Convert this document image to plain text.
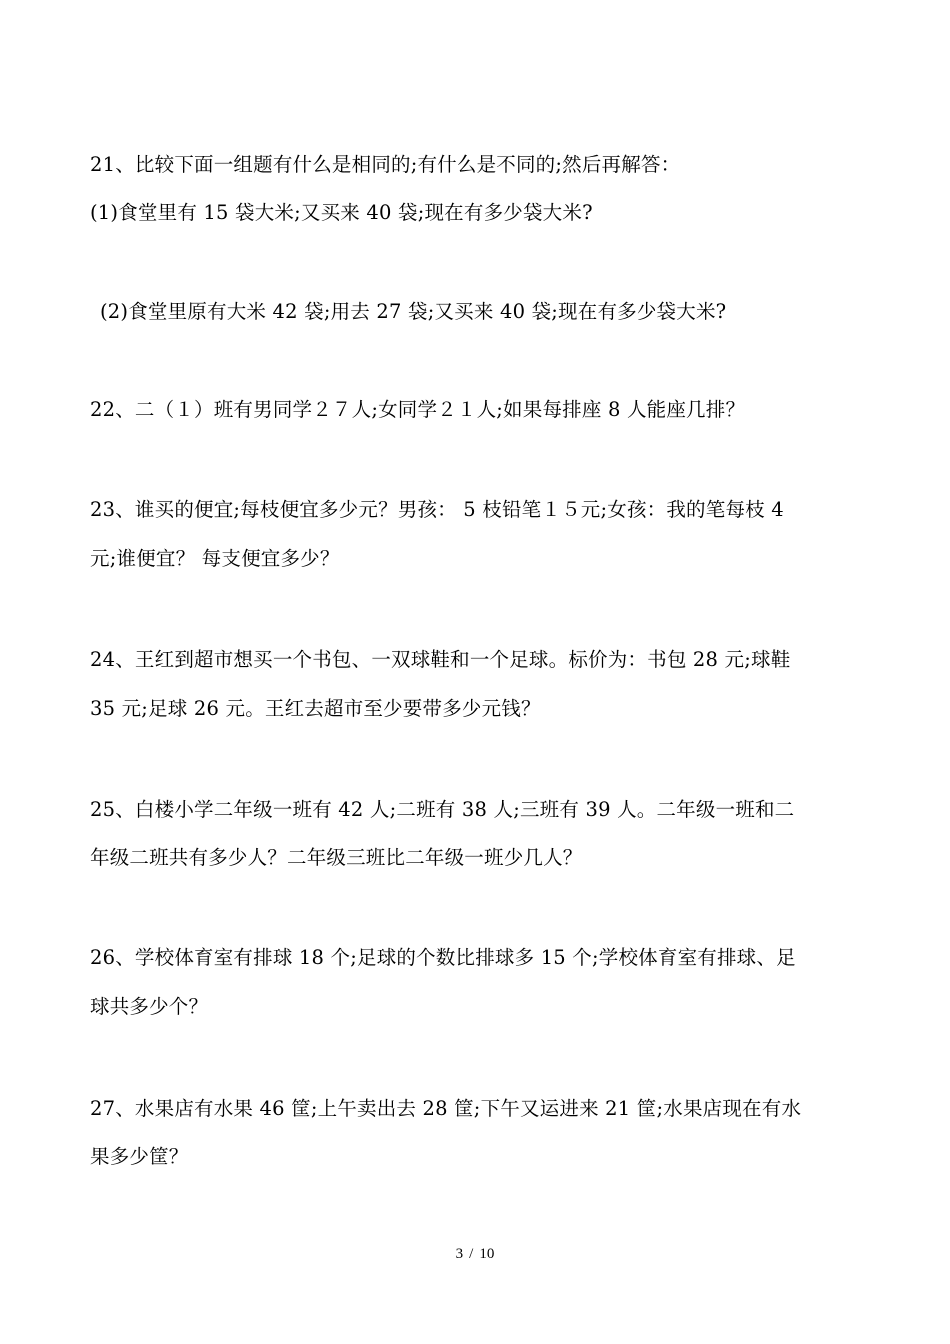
21、比较下面一组题有什么是相同的;有什么是不同的;然后再解答：
(1)食堂里有 15 袋大米;又买来 40 袋;现在有多少袋大米?
(2)食堂里原有大米 42 袋;用去 27 袋;又买来 40 袋;现在有多少袋大米?
22、二（１）班有男同学２７人;女同学２１人;如果每排座 8 人能座几排？
23、谁买的便宜;每枝便宜多少元？男孩： 5 枝铅笔１５元;女孩：我的笔每枝 4
元;谁便宜？ 每支便宜多少？
24、王红到超市想买一个书包、一双球鞋和一个足球。标价为：书包 28 元;球鞋
35 元;足球 26 元。王红去超市至少要带多少元钱？
25、白楼小学二年级一班有 42 人;二班有 38 人;三班有 39 人。二年级一班和二
年级二班共有多少人？二年级三班比二年级一班少几人？
26、学校体育室有排球 18 个;足球的个数比排球多 15 个;学校体育室有排球、足
球共多少个？
27、水果店有水果 46 筐;上午卖出去 28 筐;下午又运进来 21 筐;水果店现在有水
果多少筐？
3 / 10
